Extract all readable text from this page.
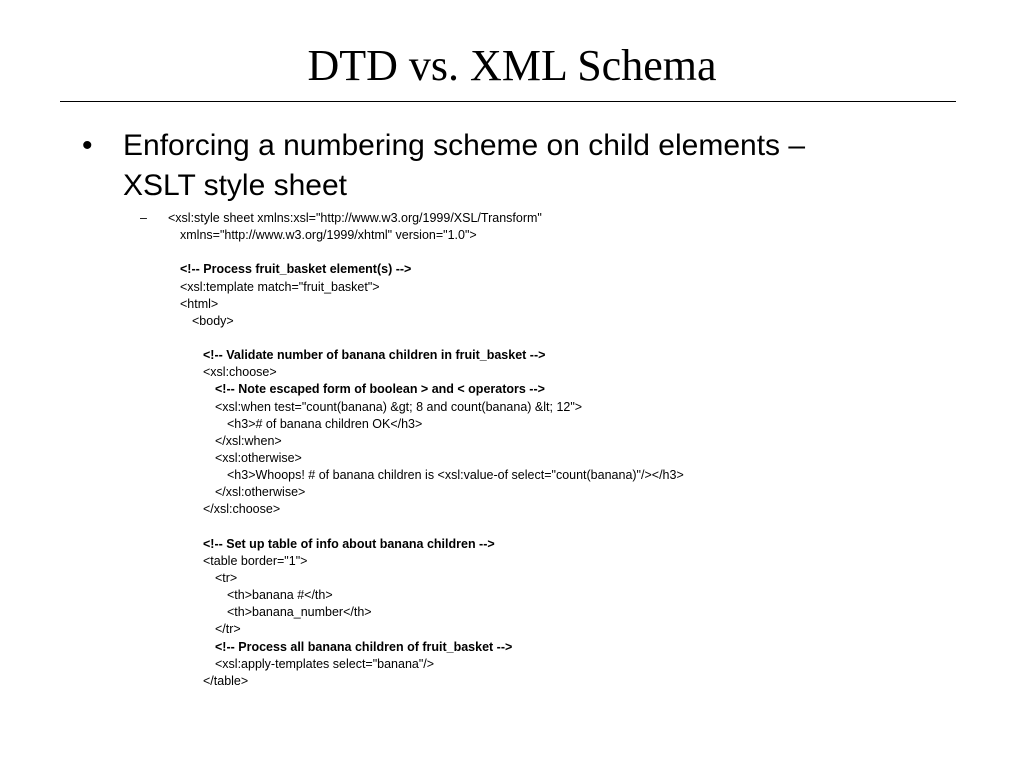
DTD vs. XML Schema
• Enforcing a numbering scheme on child elements –
XSLT style sheet
– <xsl:style sheet xmlns:xsl="http://www.w3.org/1999/XSL/Transform"
xmlns="http://www.w3.org/1999/xhtml" version="1.0">
<!-- Process fruit_basket element(s) -->
<xsl:template match="fruit_basket">
<html>
<body>
<!-- Validate number of banana children in fruit_basket -->
<xsl:choose>
<!-- Note escaped form of boolean > and < operators -->
<xsl:when test="count(banana) &gt; 8 and count(banana) &lt; 12">
<h3># of banana children OK</h3>
</xsl:when>
<xsl:otherwise>
<h3>Whoops! # of banana children is <xsl:value-of select="count(banana)"/></h3>
</xsl:otherwise>
</xsl:choose>
<!-- Set up table of info about banana children -->
<table border="1">
<tr>
<th>banana #</th>
<th>banana_number</th>
</tr>
<!-- Process all banana children of fruit_basket -->
<xsl:apply-templates select="banana"/>
</table>
